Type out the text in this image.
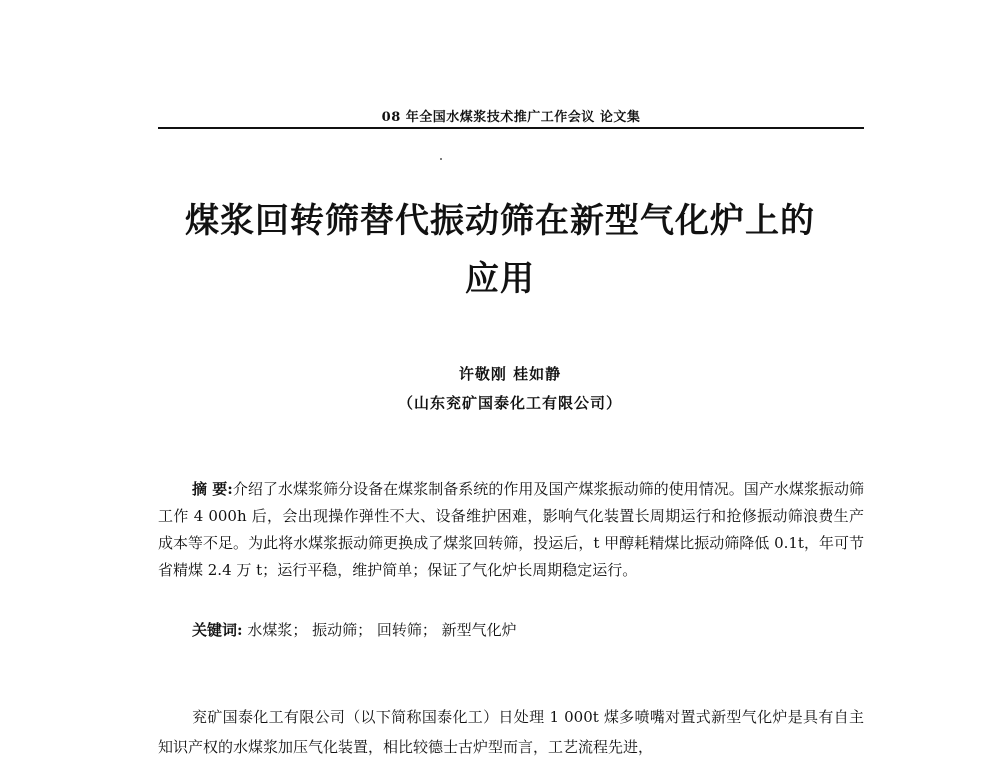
08 年全国水煤浆技术推广工作会议 论文集
煤浆回转筛替代振动筛在新型气化炉上的
应用
许敬刚 桂如静
（山东兖矿国泰化工有限公司）

摘 要:介绍了水煤浆筛分设备在煤浆制备系统的作用及国产煤浆振动筛的使用情况。国产水煤浆振动筛工作 4 000h 后，会出现操作弹性不大、设备维护困难，影响气化装置长周期运行和抢修振动筛浪费生产成本等不足。为此将水煤浆振动筛更换成了煤浆回转筛，投运后，t 甲醇耗精煤比振动筛降低 0.1t，年可节省精煤 2.4 万 t；运行平稳，维护简单；保证了气化炉长周期稳定运行。

关键词: 水煤浆； 振动筛； 回转筛； 新型气化炉

兖矿国泰化工有限公司（以下简称国泰化工）日处理 1 000t 煤多喷嘴对置式新型气化炉是具有自主知识产权的水煤浆加压气化装置，相比较德士古炉型而言，工艺流程先进，
